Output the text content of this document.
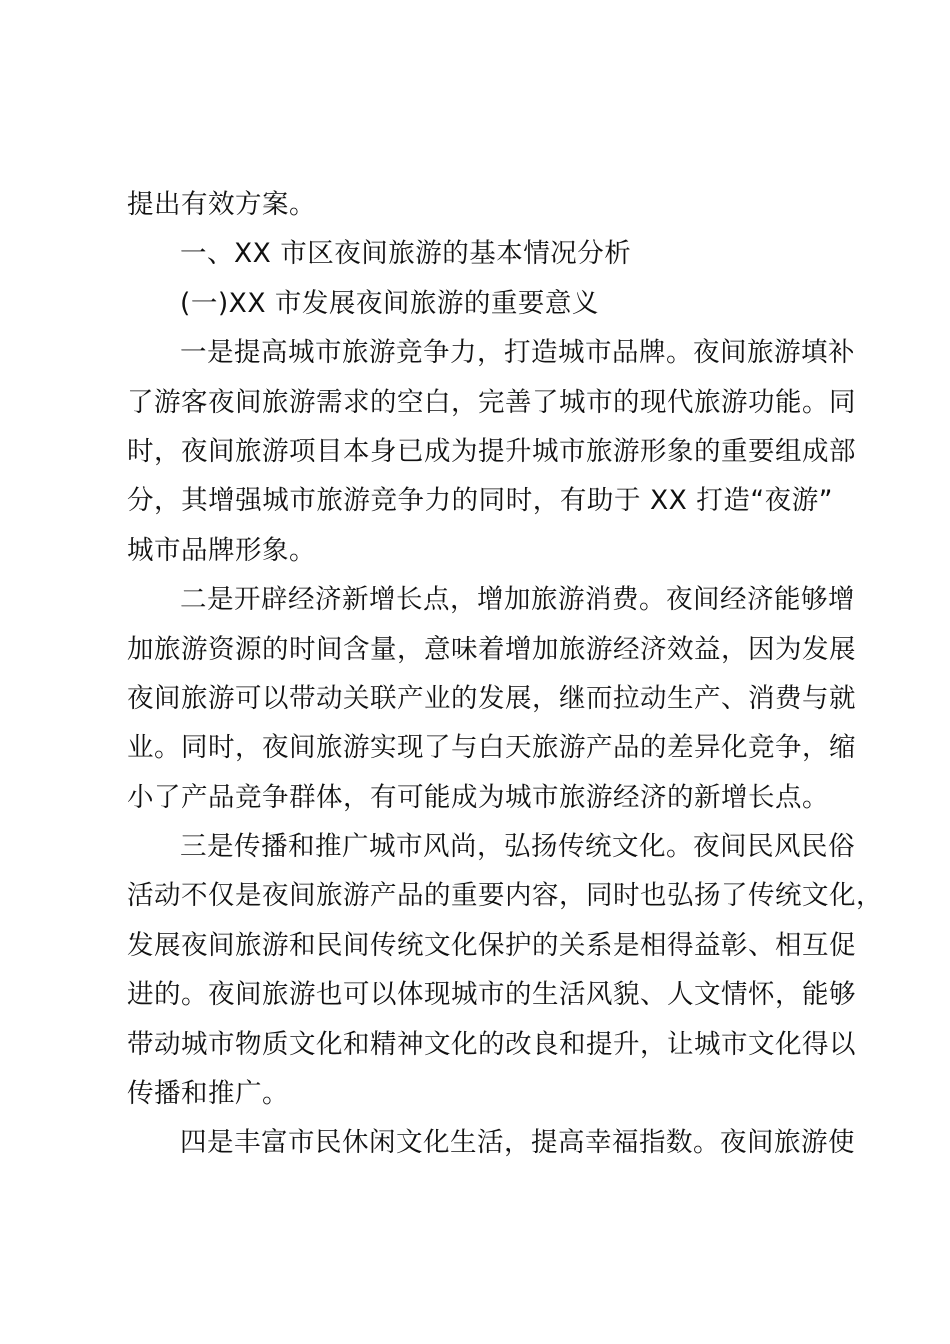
提出有效方案。
一、XX 市区夜间旅游的基本情况分析
(一)XX 市发展夜间旅游的重要意义
一是提高城市旅游竞争力，打造城市品牌。夜间旅游填补
了游客夜间旅游需求的空白，完善了城市的现代旅游功能。同
时，夜间旅游项目本身已成为提升城市旅游形象的重要组成部
分，其增强城市旅游竞争力的同时，有助于 XX 打造“夜游”
城市品牌形象。
二是开辟经济新增长点，增加旅游消费。夜间经济能够增
加旅游资源的时间含量，意味着增加旅游经济效益，因为发展
夜间旅游可以带动关联产业的发展，继而拉动生产、消费与就
业。同时，夜间旅游实现了与白天旅游产品的差异化竞争，缩
小了产品竞争群体，有可能成为城市旅游经济的新增长点。
三是传播和推广城市风尚，弘扬传统文化。夜间民风民俗
活动不仅是夜间旅游产品的重要内容，同时也弘扬了传统文化，
发展夜间旅游和民间传统文化保护的关系是相得益彰、相互促
进的。夜间旅游也可以体现城市的生活风貌、人文情怀，能够
带动城市物质文化和精神文化的改良和提升，让城市文化得以
传播和推广。
四是丰富市民休闲文化生活，提高幸福指数。夜间旅游使
